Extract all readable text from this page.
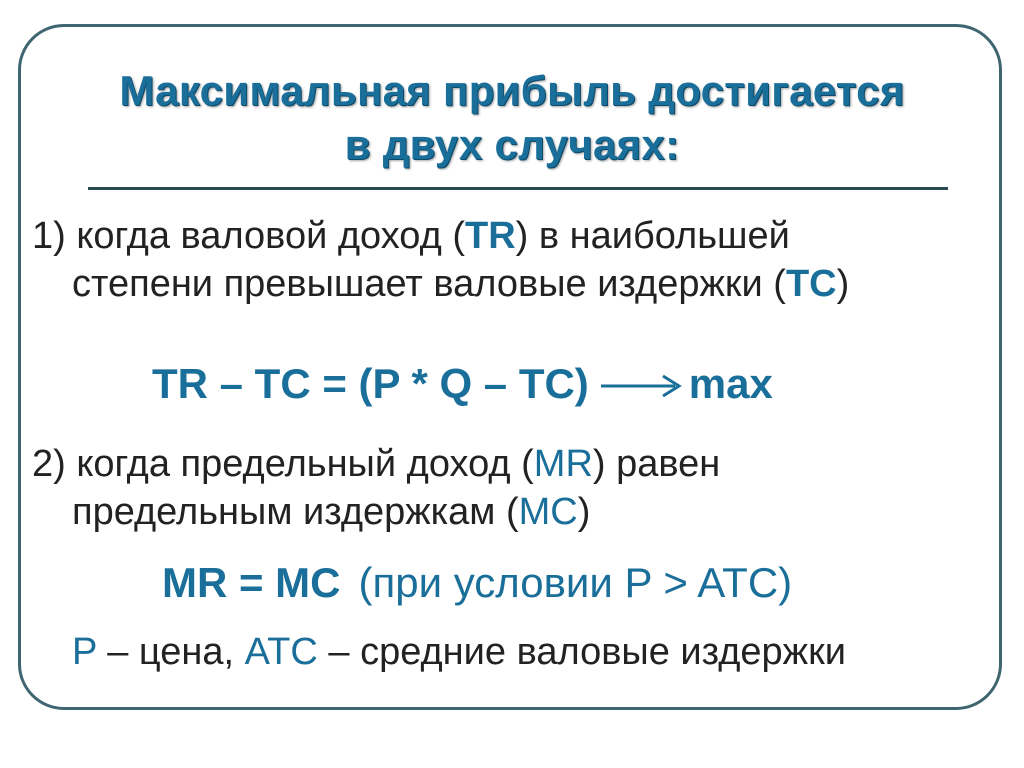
Максимальная прибыль достигается
в двух случаях:
1) когда валовой доход (TR) в наибольшей
степени превышает валовые издержки (TC)
TR – TC = (P * Q – TC) max
2) когда предельный доход (MR) равен
предельным издержкам (MC)
MR = MC (при условии P > ATC)
P – цена, ATC – средние валовые издержки
